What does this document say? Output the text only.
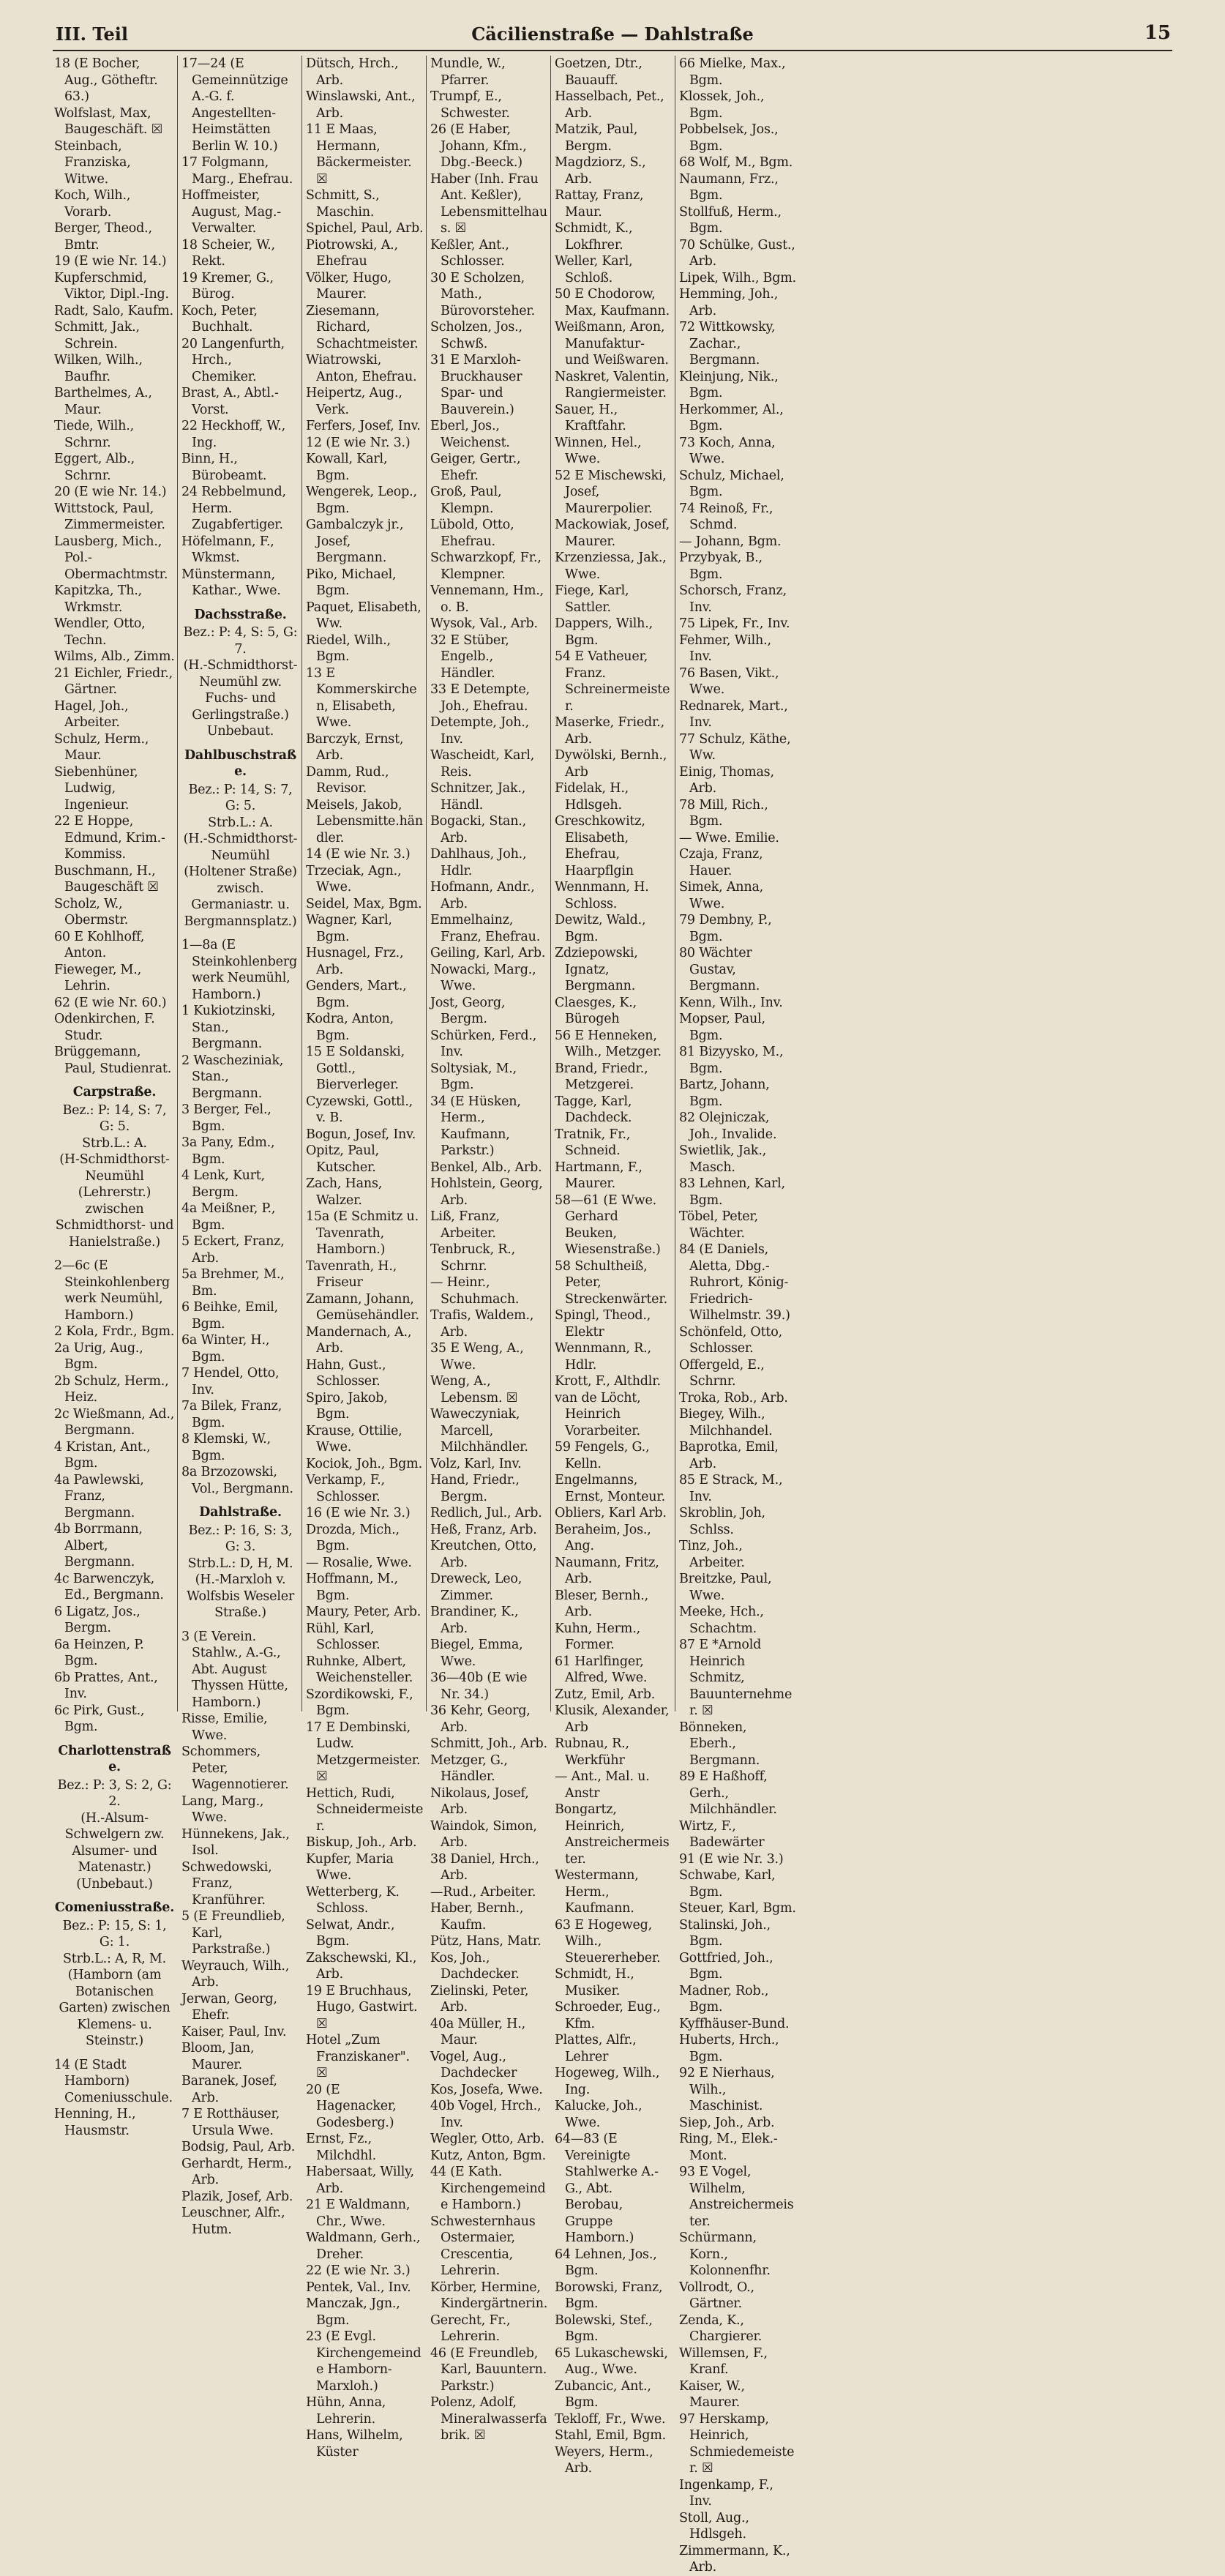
III. Teil	Cäcilienstraße — Dahlstraße	15

18 (E Bocher, Aug., Götheftr. 63.)

Wolfslast, Max, Baugeschäft. ☒

Steinbach, Franziska, Witwe.

Koch, Wilh., Vorarb.

Berger, Theod., Bmtr.

19 (E wie Nr. 14.)

Kupferschmid, Viktor, Dipl.-Ing.

Radt, Salo, Kaufm.

Schmitt, Jak., Schrein.

Wilken, Wilh., Baufhr.

Barthelmes, A., Maur.

Tiede, Wilh., Schrnr.

Eggert, Alb., Schrnr.

20 (E wie Nr. 14.)

Wittstock, Paul, Zimmermeister.

Lausberg, Mich., Pol.-Obermachtmstr.

Kapitzka, Th., Wrkmstr.

Wendler, Otto, Techn.

Wilms, Alb., Zimm.

21 Eichler, Friedr., Gärtner.

Hagel, Joh., Arbeiter.

Schulz, Herm., Maur.

Siebenhüner, Ludwig, Ingenieur.

22 E Hoppe, Edmund, Krim.-Kommiss.

Buschmann, H., Baugeschäft ☒

Scholz, W., Obermstr.

60 E Kohlhoff, Anton.

Fieweger, M., Lehrin.

62 (E wie Nr. 60.)

Odenkirchen, F. Studr.

Brüggemann, Paul, Studienrat.

Carpstraße.

Bez.: P: 14, S: 7, G: 5.

Strb.L.: A.

(H-Schmidthorst-Neumühl (Lehrerstr.) zwischen Schmidthorst- und Hanielstraße.)

2—6c (E Steinkohlenbergwerk Neumühl, Hamborn.)

2 Kola, Frdr., Bgm.

2a Urig, Aug., Bgm.

2b Schulz, Herm., Heiz.

2c Wießmann, Ad., Bergmann.

4 Kristan, Ant., Bgm.

4a Pawlewski, Franz, Bergmann.

4b Borrmann, Albert, Bergmann.

4c Barwenczyk, Ed., Bergmann.

6 Ligatz, Jos., Bergm.

6a Heinzen, P. Bgm.

6b Prattes, Ant., Inv.

6c Pirk, Gust., Bgm.

Charlottenstraße.

Bez.: P: 3, S: 2, G: 2.

(H.-Alsum-Schwelgern zw. Alsumer- und Matenastr.)

(Unbebaut.)

Comeniusstraße.

Bez.: P: 15, S: 1, G: 1.

Strb.L.: A, R, M.

(Hamborn (am Botanischen Garten) zwischen Klemens- u. Steinstr.)

14 (E Stadt Hamborn) Comeniusschule.

Henning, H., Hausmstr.

17—24 (E Gemeinnützige A.-G. f. Angestellten-Heimstätten Berlin W. 10.)

17 Folgmann, Marg., Ehefrau.

Hoffmeister, August, Mag.-Verwalter.

18 Scheier, W., Rekt.

19 Kremer, G., Bürog.

Koch, Peter, Buchhalt.

20 Langenfurth, Hrch., Chemiker.

Brast, A., Abtl.-Vorst.

22 Heckhoff, W., Ing.

Binn, H., Bürobeamt.

24 Rebbelmund, Herm. Zugabfertiger.

Höfelmann, F., Wkmst.

Münstermann, Kathar., Wwe.

Dachsstraße.

Bez.: P: 4, S: 5, G: 7.

(H.-Schmidthorst-Neumühl zw. Fuchs- und Gerlingstraße.)

Unbebaut.

Dahlbuschstraße.

Bez.: P: 14, S: 7, G: 5.

Strb.L.: A.

(H.-Schmidthorst-Neumühl (Holtener Straße) zwisch. Germaniastr. u. Bergmannsplatz.)

1—8a (E Steinkohlenbergwerk Neumühl, Hamborn.)

1 Kukiotzinski, Stan., Bergmann.

2 Wascheziniak, Stan., Bergmann.

3 Berger, Fel., Bgm.

3a Pany, Edm., Bgm.

4 Lenk, Kurt, Bergm.

4a Meißner, P., Bgm.

5 Eckert, Franz, Arb.

5a Brehmer, M., Bm.

6 Beihke, Emil, Bgm.

6a Winter, H., Bgm.

7 Hendel, Otto, Inv.

7a Bilek, Franz, Bgm.

8 Klemski, W., Bgm.

8a Brzozowski, Vol., Bergmann.

Dahlstraße.

Bez.: P: 16, S: 3, G: 3.

Strb.L.: D, H, M.

(H.-Marxloh v. Wolfsbis Weseler Straße.)

3 (E Verein. Stahlw., A.-G., Abt. August Thyssen Hütte, Hamborn.)

Risse, Emilie, Wwe.

Schommers, Peter, Wagennotierer.

Lang, Marg., Wwe.

Hünnekens, Jak., Isol.

Schwedowski, Franz, Kranführer.

5 (E Freundlieb, Karl, Parkstraße.)

Weyrauch, Wilh., Arb.

Jerwan, Georg, Ehefr.

Kaiser, Paul, Inv.

Bloom, Jan, Maurer.

Baranek, Josef, Arb.

7 E Rotthäuser, Ursula Wwe.

Bodsig, Paul, Arb.

Gerhardt, Herm., Arb.

Plazik, Josef, Arb.

Leuschner, Alfr., Hutm.

Dütsch, Hrch., Arb.

Winslawski, Ant., Arb.

11 E Maas, Hermann, Bäckermeister. ☒

Schmitt, S., Maschin.

Spichel, Paul, Arb.

Piotrowski, A., Ehefrau

Völker, Hugo, Maurer.

Ziesemann, Richard, Schachtmeister.

Wiatrowski, Anton, Ehefrau.

Heipertz, Aug., Verk.

Ferfers, Josef, Inv.

12 (E wie Nr. 3.)

Kowall, Karl, Bgm.

Wengerek, Leop., Bgm.

Gambalczyk jr., Josef, Bergmann.

Piko, Michael, Bgm.

Paquet, Elisabeth, Ww.

Riedel, Wilh., Bgm.

13 E Kommerskirchen, Elisabeth, Wwe.

Barczyk, Ernst, Arb.

Damm, Rud., Revisor.

Meisels, Jakob, Lebensmitte.händler.

14 (E wie Nr. 3.)

Trzeciak, Agn., Wwe.

Seidel, Max, Bgm.

Wagner, Karl, Bgm.

Husnagel, Frz., Arb.

Genders, Mart., Bgm.

Kodra, Anton, Bgm.

15 E Soldanski, Gottl., Bierverleger.

Cyzewski, Gottl., v. B.

Bogun, Josef, Inv.

Opitz, Paul, Kutscher.

Zach, Hans, Walzer.

15a (E Schmitz u. Tavenrath, Hamborn.)

Tavenrath, H., Friseur

Zamann, Johann, Gemüsehändler.

Mandernach, A., Arb.

Hahn, Gust., Schlosser.

Spiro, Jakob, Bgm.

Krause, Ottilie, Wwe.

Kociok, Joh., Bgm.

Verkamp, F., Schlosser.

16 (E wie Nr. 3.)

Drozda, Mich., Bgm.

— Rosalie, Wwe.

Hoffmann, M., Bgm.

Maury, Peter, Arb.

Rühl, Karl, Schlosser.

Ruhnke, Albert, Weichensteller.

Szordikowski, F., Bgm.

17 E Dembinski, Ludw. Metzgermeister. ☒

Hettich, Rudi, Schneidermeister.

Biskup, Joh., Arb.

Kupfer, Maria Wwe.

Wetterberg, K. Schloss.

Selwat, Andr., Bgm.

Zakschewski, Kl., Arb.

19 E Bruchhaus, Hugo, Gastwirt. ☒

Hotel „Zum Franziskaner". ☒

20 (E Hagenacker, Godesberg.)

Ernst, Fz., Milchdhl.

Habersaat, Willy, Arb.

21 E Waldmann, Chr., Wwe.

Waldmann, Gerh., Dreher.

22 (E wie Nr. 3.)

Pentek, Val., Inv.

Manczak, Jgn., Bgm.

23 (E Evgl. Kirchengemeinde Hamborn-Marxloh.)

Hühn, Anna, Lehrerin.

Hans, Wilhelm, Küster

Mundle, W., Pfarrer.

Trumpf, E., Schwester.

26 (E Haber, Johann, Kfm., Dbg.-Beeck.)

Haber (Inh. Frau Ant. Keßler), Lebensmittelhaus. ☒

Keßler, Ant., Schlosser.

30 E Scholzen, Math., Bürovorsteher.

Scholzen, Jos., Schwß.

31 E Marxloh-Bruckhauser Spar- und Bauverein.)

Eberl, Jos., Weichenst.

Geiger, Gertr., Ehefr.

Groß, Paul, Klempn.

Lübold, Otto, Ehefrau.

Schwarzkopf, Fr., Klempner.

Vennemann, Hm., o. B.

Wysok, Val., Arb.

32 E Stüber, Engelb., Händler.

33 E Detempte, Joh., Ehefrau.

Detempte, Joh., Inv.

Wascheidt, Karl, Reis.

Schnitzer, Jak., Händl.

Bogacki, Stan., Arb.

Dahlhaus, Joh., Hdlr.

Hofmann, Andr., Arb.

Emmelhainz, Franz, Ehefrau.

Geiling, Karl, Arb.

Nowacki, Marg., Wwe.

Jost, Georg, Bergm.

Schürken, Ferd., Inv.

Soltysiak, M., Bgm.

34 (E Hüsken, Herm., Kaufmann, Parkstr.)

Benkel, Alb., Arb.

Hohlstein, Georg, Arb.

Liß, Franz, Arbeiter.

Tenbruck, R., Schrnr.

— Heinr., Schuhmach.

Trafis, Waldem., Arb.

35 E Weng, A., Wwe.

Weng, A., Lebensm. ☒

Waweczyniak, Marcell, Milchhändler.

Volz, Karl, Inv.

Hand, Friedr., Bergm.

Redlich, Jul., Arb.

Heß, Franz, Arb.

Kreutchen, Otto, Arb.

Dreweck, Leo, Zimmer.

Brandiner, K., Arb.

Biegel, Emma, Wwe.

36—40b (E wie Nr. 34.)

36 Kehr, Georg, Arb.

Schmitt, Joh., Arb.

Metzger, G., Händler.

Nikolaus, Josef, Arb.

Waindok, Simon, Arb.

38 Daniel, Hrch., Arb.

—Rud., Arbeiter.

Haber, Bernh., Kaufm.

Pütz, Hans, Matr.

Kos, Joh., Dachdecker.

Zielinski, Peter, Arb.

40a Müller, H., Maur.

Vogel, Aug., Dachdecker

Kos, Josefa, Wwe.

40b Vogel, Hrch., Inv.

Wegler, Otto, Arb.

Kutz, Anton, Bgm.

44 (E Kath. Kirchengemeinde Hamborn.)

Schwesternhaus Ostermaier, Crescentia, Lehrerin.

Körber, Hermine, Kindergärtnerin.

Gerecht, Fr., Lehrerin.

46 (E Freundleb, Karl, Bauuntern. Parkstr.)

Polenz, Adolf, Mineralwasserfabrik. ☒

Goetzen, Dtr., Bauauff.

Hasselbach, Pet., Arb.

Matzik, Paul, Bergm.

Magdziorz, S., Arb.

Rattay, Franz, Maur.

Schmidt, K., Lokfhrer.

Weller, Karl, Schloß.

50 E Chodorow, Max, Kaufmann.

Weißmann, Aron, Manufaktur- und Weißwaren.

Naskret, Valentin, Rangiermeister.

Sauer, H., Kraftfahr.

Winnen, Hel., Wwe.

52 E Mischewski, Josef, Maurerpolier.

Mackowiak, Josef, Maurer.

Krzenziessa, Jak., Wwe.

Fiege, Karl, Sattler.

Dappers, Wilh., Bgm.

54 E Vatheuer, Franz. Schreinermeister.

Maserke, Friedr., Arb.

Dywölski, Bernh., Arb

Fidelak, H., Hdlsgeh.

Greschkowitz, Elisabeth, Ehefrau, Haarpflgin

Wennmann, H. Schloss.

Dewitz, Wald., Bgm.

Zdziepowski, Ignatz, Bergmann.

Claesges, K., Bürogeh

56 E Henneken, Wilh., Metzger.

Brand, Friedr., Metzgerei.

Tagge, Karl, Dachdeck.

Tratnik, Fr., Schneid.

Hartmann, F., Maurer.

58—61 (E Wwe. Gerhard Beuken, Wiesenstraße.)

58 Schultheiß, Peter, Streckenwärter.

Spingl, Theod., Elektr

Wennmann, R., Hdlr.

Krott, F., Althdlr.

van de Löcht, Heinrich Vorarbeiter.

59 Fengels, G., Kelln.

Engelmanns, Ernst, Monteur.

Obliers, Karl Arb.

Beraheim, Jos., Ang.

Naumann, Fritz, Arb.

Bleser, Bernh., Arb.

Kuhn, Herm., Former.

61 Harlfinger, Alfred, Wwe.

Zutz, Emil, Arb.

Klusik, Alexander, Arb

Rubnau, R., Werkführ

— Ant., Mal. u. Anstr

Bongartz, Heinrich, Anstreichermeister.

Westermann, Herm., Kaufmann.

63 E Hogeweg, Wilh., Steuererheber.

Schmidt, H., Musiker.

Schroeder, Eug., Kfm.

Plattes, Alfr., Lehrer

Hogeweg, Wilh., Ing.

Kalucke, Joh., Wwe.

64—83 (E Vereinigte Stahlwerke A.-G., Abt. Berobau, Gruppe Hamborn.)

64 Lehnen, Jos., Bgm.

Borowski, Franz, Bgm.

Bolewski, Stef., Bgm.

65 Lukaschewski, Aug., Wwe.

Zubancic, Ant., Bgm.

Tekloff, Fr., Wwe.

Stahl, Emil, Bgm.

Weyers, Herm., Arb.

66 Mielke, Max., Bgm.

Klossek, Joh., Bgm.

Pobbelsek, Jos., Bgm.

68 Wolf, M., Bgm.

Naumann, Frz., Bgm.

Stollfuß, Herm., Bgm.

70 Schülke, Gust., Arb.

Lipek, Wilh., Bgm.

Hemming, Joh., Arb.

72 Wittkowsky, Zachar., Bergmann.

Kleinjung, Nik., Bgm.

Herkommer, Al., Bgm.

73 Koch, Anna, Wwe.

Schulz, Michael, Bgm.

74 Reinoß, Fr., Schmd.

— Johann, Bgm.

Przybyak, B., Bgm.

Schorsch, Franz, Inv.

75 Lipek, Fr., Inv.

Fehmer, Wilh., Inv.

76 Basen, Vikt., Wwe.

Rednarek, Mart., Inv.

77 Schulz, Käthe, Ww.

Einig, Thomas, Arb.

78 Mill, Rich., Bgm.

— Wwe. Emilie.

Czaja, Franz, Hauer.

Simek, Anna, Wwe.

79 Dembny, P., Bgm.

80 Wächter Gustav, Bergmann.

Kenn, Wilh., Inv.

Mopser, Paul, Bgm.

81 Bizyysko, M., Bgm.

Bartz, Johann, Bgm.

82 Olejniczak, Joh., Invalide.

Swietlik, Jak., Masch.

83 Lehnen, Karl, Bgm.

Töbel, Peter, Wächter.

84 (E Daniels, Aletta, Dbg.-Ruhrort, König-Friedrich-Wilhelmstr. 39.)

Schönfeld, Otto, Schlosser.

Offergeld, E., Schrnr.

Troka, Rob., Arb.

Biegey, Wilh., Milchhandel.

Baprotka, Emil, Arb.

85 E Strack, M., Inv.

Skroblin, Joh, Schlss.

Tinz, Joh., Arbeiter.

Breitzke, Paul, Wwe.

Meeke, Hch., Schachtm.

87 E *Arnold Heinrich Schmitz, Bauunternehmer. ☒

Bönneken, Eberh., Bergmann.

89 E Haßhoff, Gerh., Milchhändler.

Wirtz, F., Badewärter

91 (E wie Nr. 3.)

Schwabe, Karl, Bgm.

Steuer, Karl, Bgm.

Stalinski, Joh., Bgm.

Gottfried, Joh., Bgm.

Madner, Rob., Bgm.

Kyffhäuser-Bund.

Huberts, Hrch., Bgm.

92 E Nierhaus, Wilh., Maschinist.

Siep, Joh., Arb.

Ring, M., Elek.-Mont.

93 E Vogel, Wilhelm, Anstreichermeister.

Schürmann, Korn., Kolonnenfhr.

Vollrodt, O., Gärtner.

Zenda, K., Chargierer.

Willemsen, F., Kranf.

Kaiser, W., Maurer.

97 Herskamp, Heinrich, Schmiedemeister. ☒

Ingenkamp, F., Inv.

Stoll, Aug., Hdlsgeh.

Zimmermann, K., Arb.
